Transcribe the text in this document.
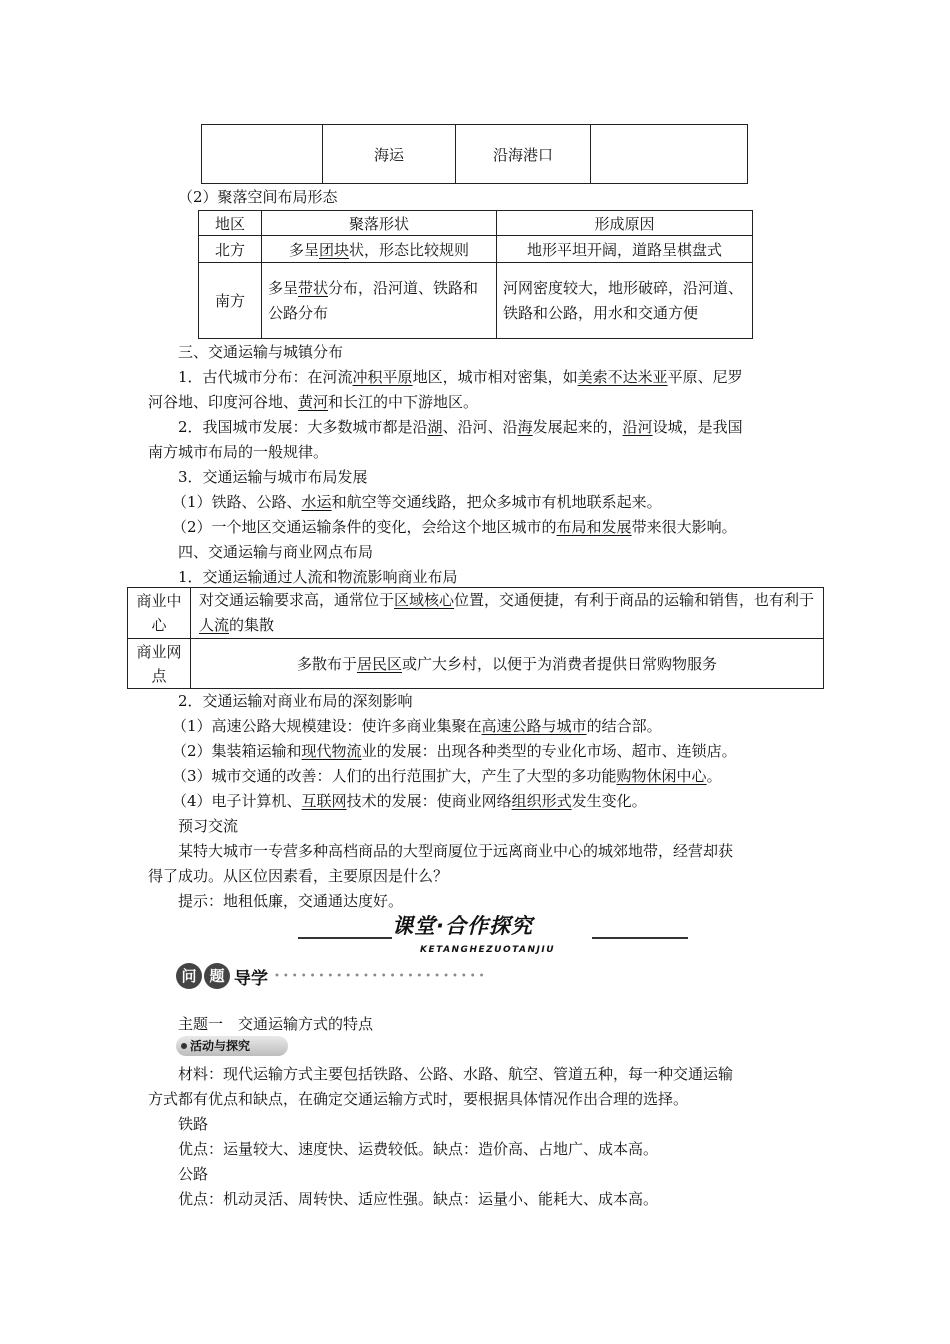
	海运	沿海港口	
（2）聚落空间布局形态
地区	聚落形状	形成原因
北方	多呈团块状，形态比较规则	地形平坦开阔，道路呈棋盘式
南方	多呈带状分布，沿河道、铁路和公路分布	河网密度较大，地形破碎，沿河道、铁路和公路，用水和交通方便
三、交通运输与城镇分布
1．古代城市分布：在河流冲积平原地区，城市相对密集，如美索不达米亚平原、尼罗
河谷地、印度河谷地、黄河和长江的中下游地区。
2．我国城市发展：大多数城市都是沿湖、沿河、沿海发展起来的，沿河设城，是我国
南方城市布局的一般规律。
3．交通运输与城市布局发展
（1）铁路、公路、水运和航空等交通线路，把众多城市有机地联系起来。
（2）一个地区交通运输条件的变化，会给这个地区城市的布局和发展带来很大影响。
四、交通运输与商业网点布局
1．交通运输通过人流和物流影响商业布局
商业中心	对交通运输要求高，通常位于区域核心位置，交通便捷，有利于商品的运输和销售，也有利于人流的集散
商业网点	多散布于居民区或广大乡村，以便于为消费者提供日常购物服务
2．交通运输对商业布局的深刻影响
（1）高速公路大规模建设：使许多商业集聚在高速公路与城市的结合部。
（2）集装箱运输和现代物流业的发展：出现各种类型的专业化市场、超市、连锁店。
（3）城市交通的改善：人们的出行范围扩大，产生了大型的多功能购物休闲中心。
（4）电子计算机、互联网技术的发展：使商业网络组织形式发生变化。
预习交流
某特大城市一专营多种高档商品的大型商厦位于远离商业中心的城郊地带，经营却获
得了成功。从区位因素看，主要原因是什么？
提示：地租低廉，交通通达度好。
课堂·合作探究
KETANGHEZUOTANJIU
问 题 导学 ••••••••••••••••••••••••
主题一　交通运输方式的特点
活动与探究
材料：现代运输方式主要包括铁路、公路、水路、航空、管道五种，每一种交通运输
方式都有优点和缺点，在确定交通运输方式时，要根据具体情况作出合理的选择。
铁路
优点：运量较大、速度快、运费较低。缺点：造价高、占地广、成本高。
公路
优点：机动灵活、周转快、适应性强。缺点：运量小、能耗大、成本高。
